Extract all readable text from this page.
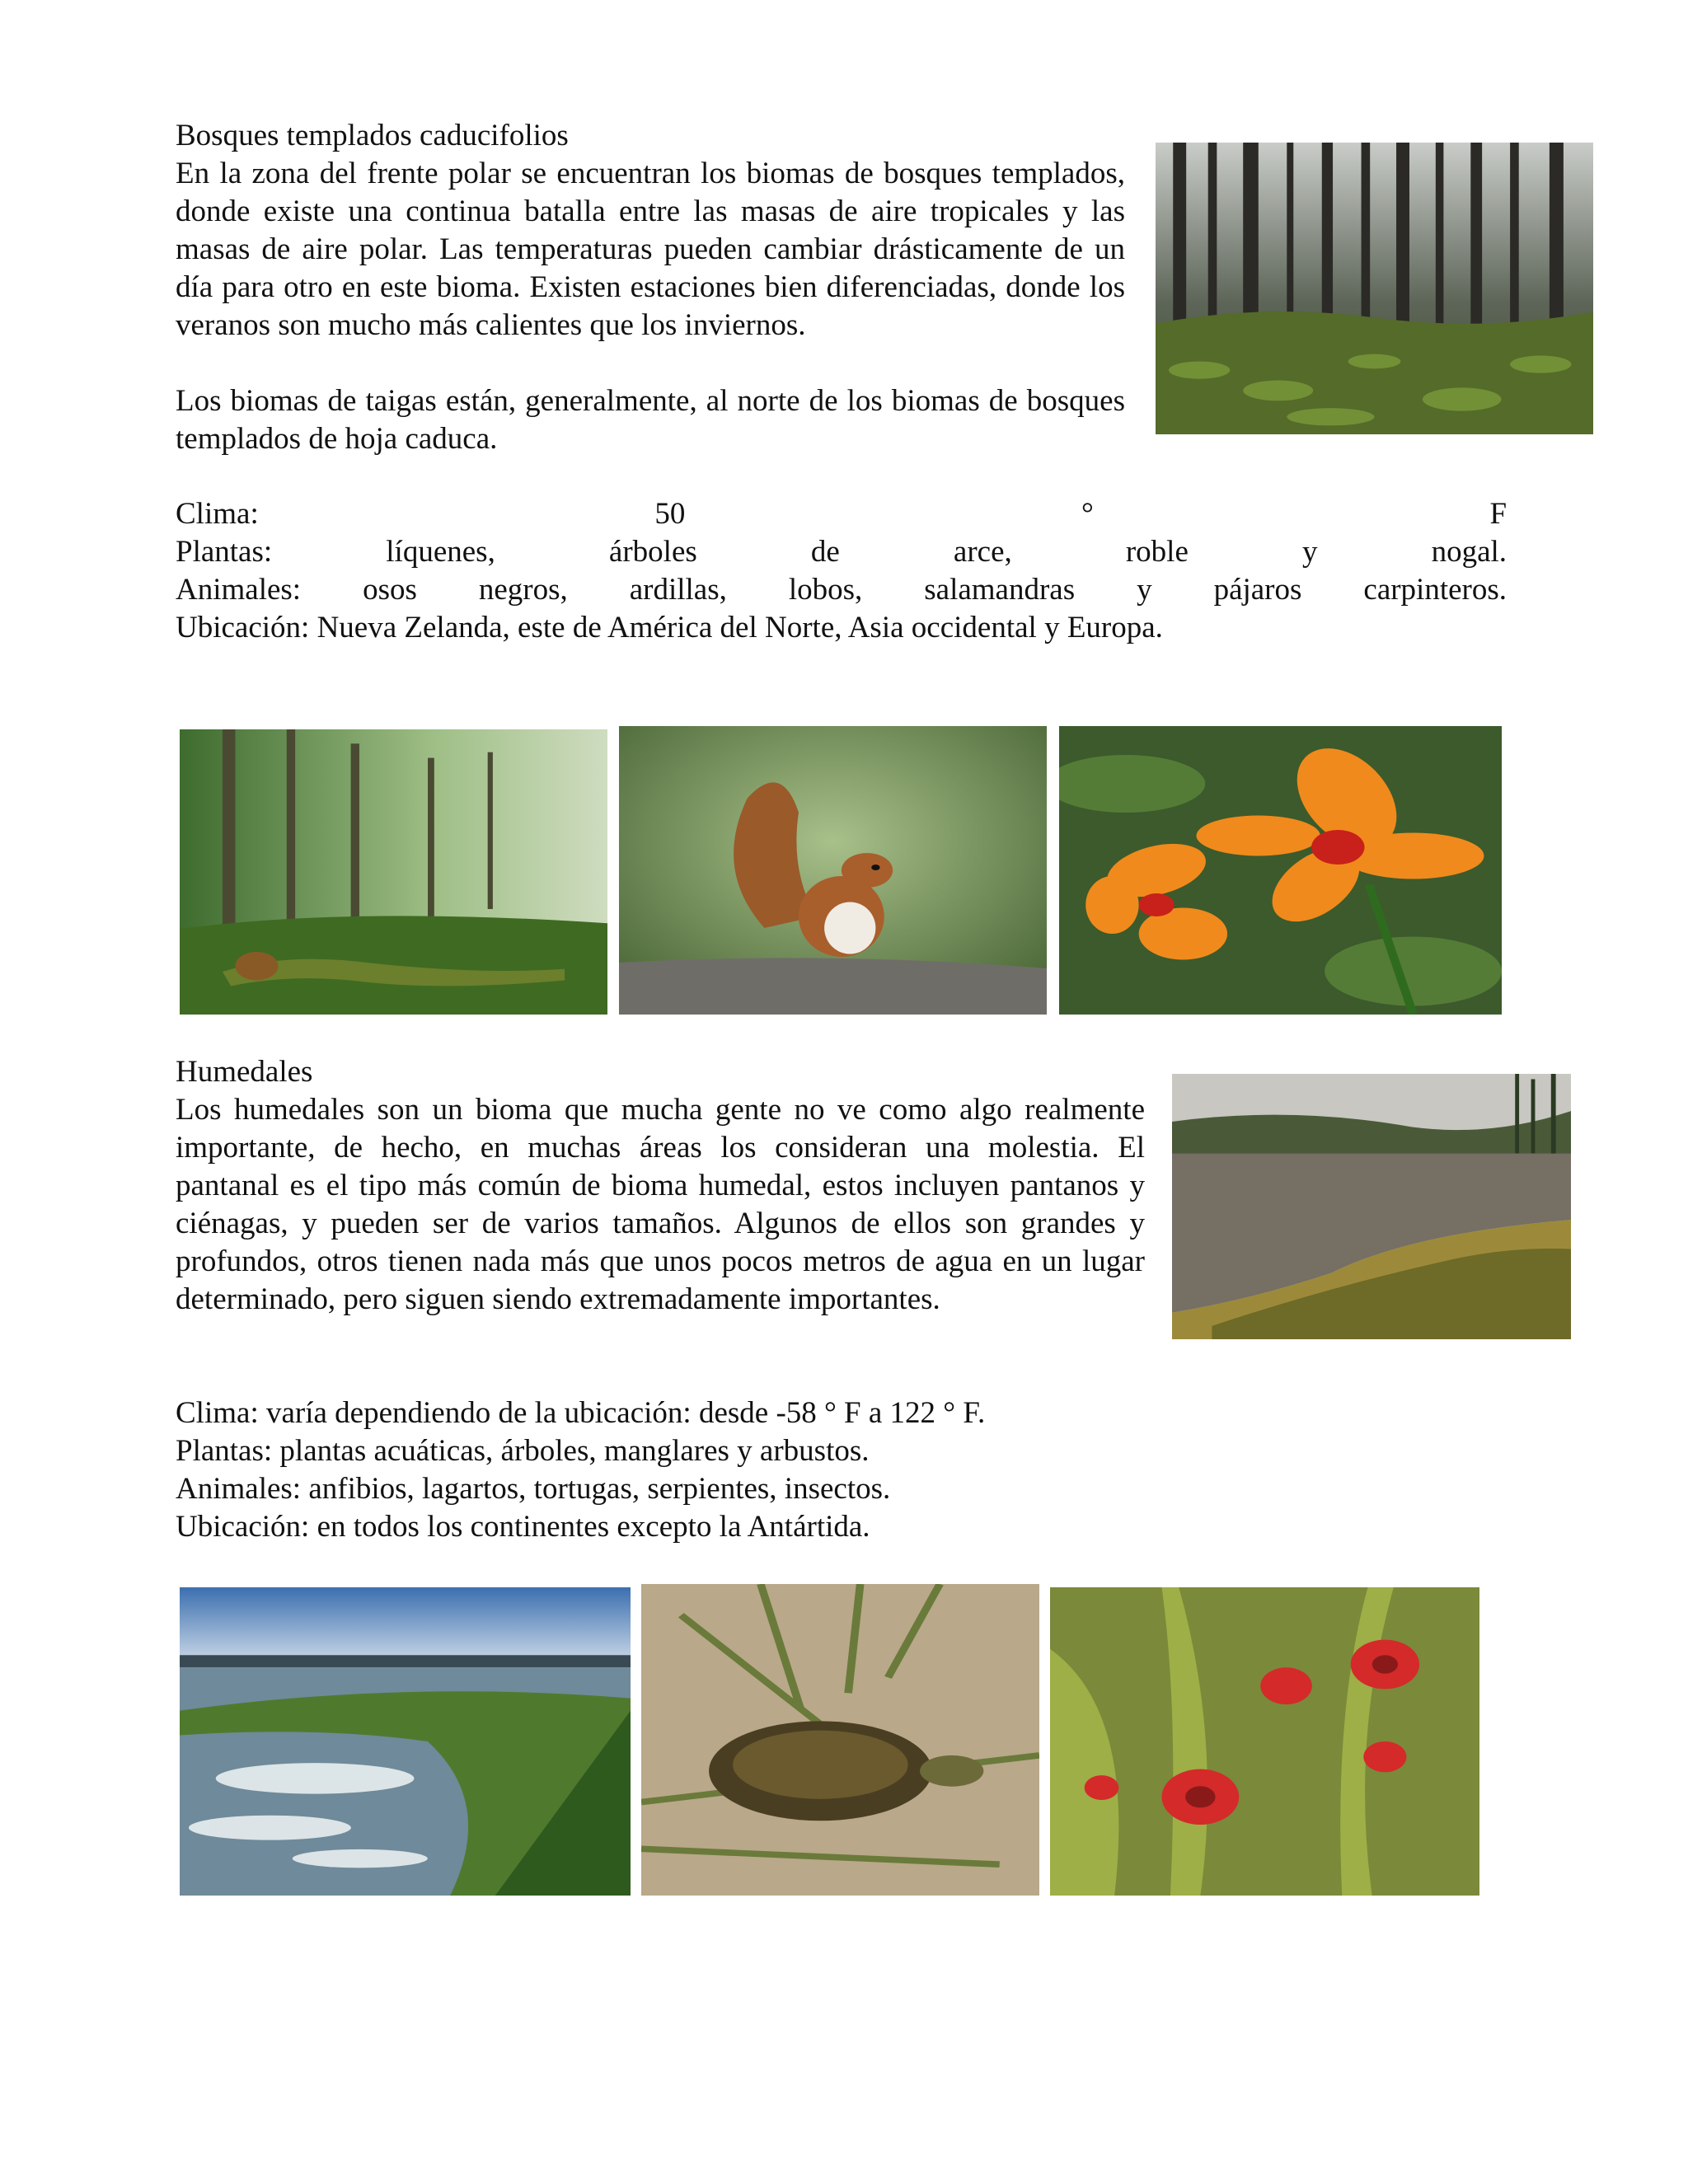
Bosques templados caducifolios
En la zona del frente polar se encuentran los biomas de bosques templados, donde existe una continua batalla entre las masas de aire tropicales y las masas de aire polar. Las temperaturas pueden cambiar drásticamente de un día para otro en este bioma. Existen estaciones bien diferenciadas, donde los veranos son mucho más calientes que los inviernos.
Los biomas de taigas están, generalmente, al norte de los biomas de bosques templados de hoja caduca.
Clima:	50	°	F
Plantas:	líquenes,	árboles	de	arce,	roble	y	nogal.
Animales: osos negros, ardillas, lobos, salamandras y pájaros carpinteros.
Ubicación: Nueva Zelanda, este de América del Norte, Asia occidental y Europa.
Humedales
Los humedales son un bioma que mucha gente no ve como algo realmente importante, de hecho, en muchas áreas los consideran una molestia. El pantanal es el tipo más común de bioma humedal, estos incluyen pantanos y ciénagas, y pueden ser de varios tamaños. Algunos de ellos son grandes y profundos, otros tienen nada más que unos pocos metros de agua en un lugar determinado, pero siguen siendo extremadamente importantes.
Clima: varía dependiendo de la ubicación: desde -58 ° F a 122 ° F.
Plantas: plantas acuáticas, árboles, manglares y arbustos.
Animales: anfibios, lagartos, tortugas, serpientes, insectos.
Ubicación: en todos los continentes excepto la Antártida.
